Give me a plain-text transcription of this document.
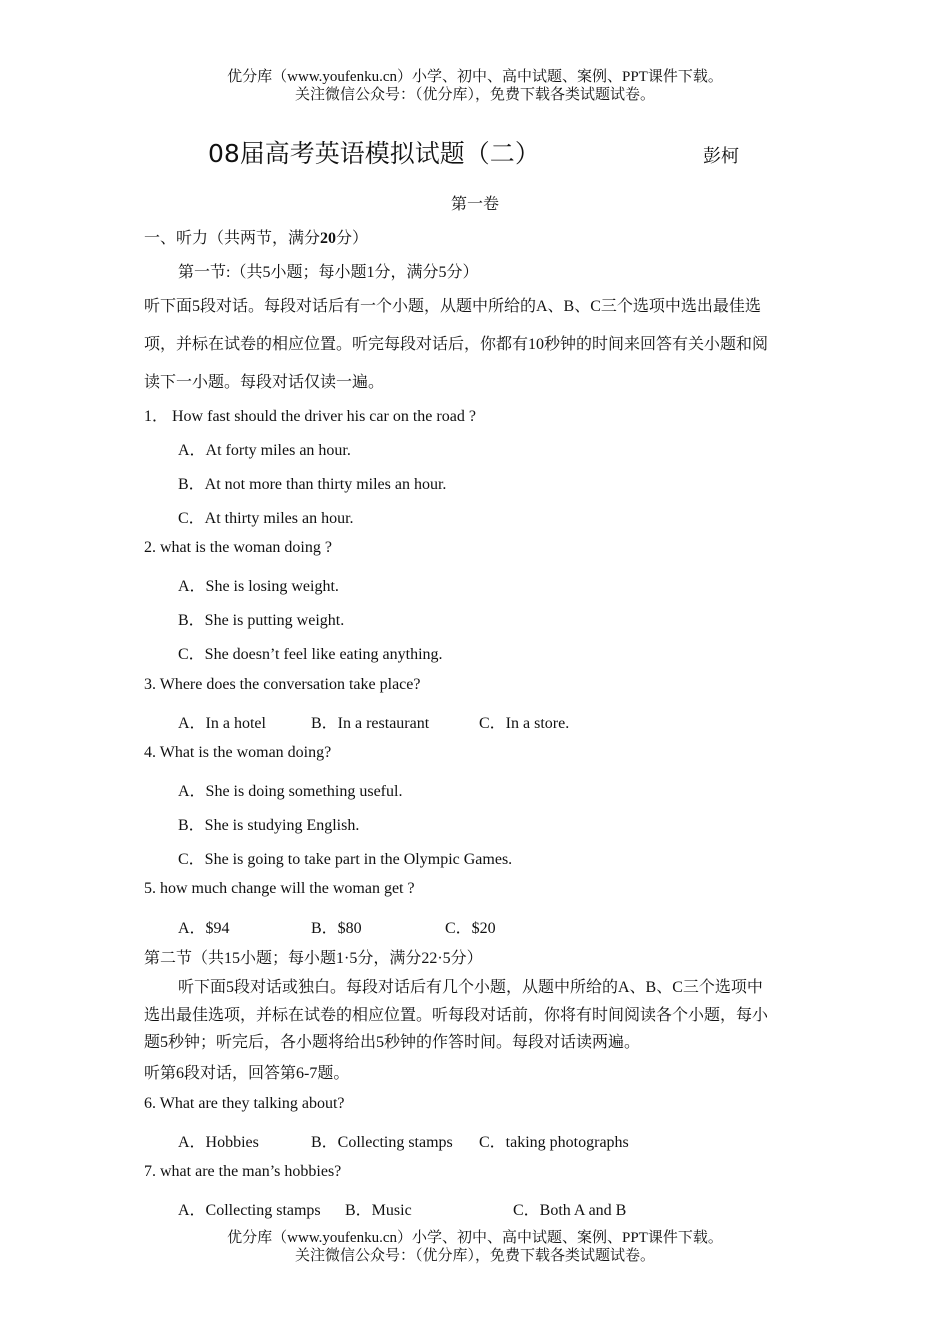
优分库（www.youfenku.cn）小学、初中、高中试题、案例、PPT课件下载。
关注微信公众号：（优分库），免费下载各类试题试卷。
08届高考英语模拟试题（二）	彭柯
第一卷
一、听力（共两节，满分20分）
第一节:（共5小题；每小题1分，满分5分）
听下面5段对话。每段对话后有一个小题，从题中所给的A、B、C三个选项中选出最佳选
项，并标在试卷的相应位置。听完每段对话后，你都有10秒钟的时间来回答有关小题和阅
读下一小题。每段对话仅读一遍。
1． How fast should the driver his car on the road ?
A．At forty miles an hour.
B．At not more than thirty miles an hour.
C．At thirty miles an hour.
2. what is the woman doing ?
A．She is losing weight.
B．She is putting weight.
C．She doesn’t feel like eating anything.
3. Where does the conversation take place?
A．In a hotel	B．In a restaurant	C．In a store.
4. What is the woman doing?
A．She is doing something useful.
B．She is studying English.
C．She is going to take part in the Olympic Games.
5. how much change will the woman get ?
A．$94	B．$80	C．$20
第二节（共15小题；每小题1·5分，满分22·5分）
听下面5段对话或独白。每段对话后有几个小题，从题中所给的A、B、C三个选项中
选出最佳选项，并标在试卷的相应位置。听每段对话前，你将有时间阅读各个小题，每小
题5秒钟；听完后，各小题将给出5秒钟的作答时间。每段对话读两遍。
听第6段对话，回答第6-7题。
6. What are they talking about?
A．Hobbies	B．Collecting stamps C．taking photographs
7. what are the man’s hobbies?
A．Collecting stamps B．Music	C．Both A and B
优分库（www.youfenku.cn）小学、初中、高中试题、案例、PPT课件下载。
关注微信公众号：（优分库），免费下载各类试题试卷。
